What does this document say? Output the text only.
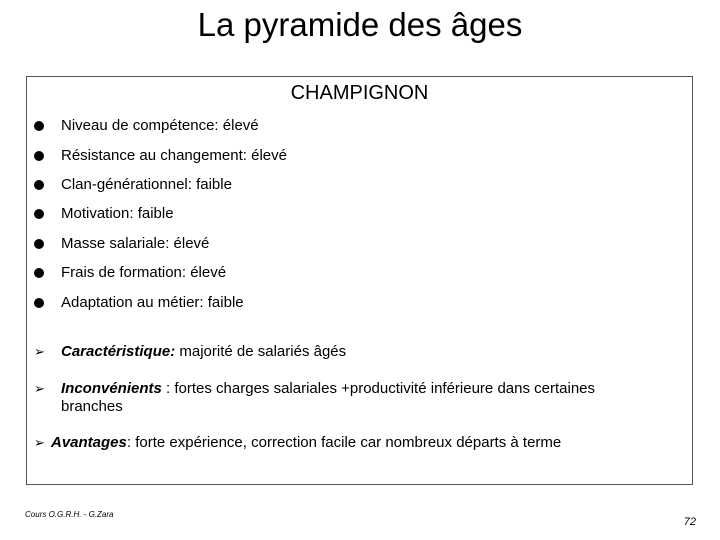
La pyramide des âges
CHAMPIGNON
Niveau de compétence: élevé
Résistance au changement: élevé
Clan-générationnel: faible
Motivation: faible
Masse salariale: élevé
Frais de formation: élevé
Adaptation au métier: faible
➢ Caractéristique: majorité de salariés âgés
➢ Inconvénients : fortes charges salariales +productivité inférieure dans certaines
branches
➢ Avantages: forte expérience, correction facile car nombreux départs à terme
Cours O.G.R.H. - G.Zara
72
